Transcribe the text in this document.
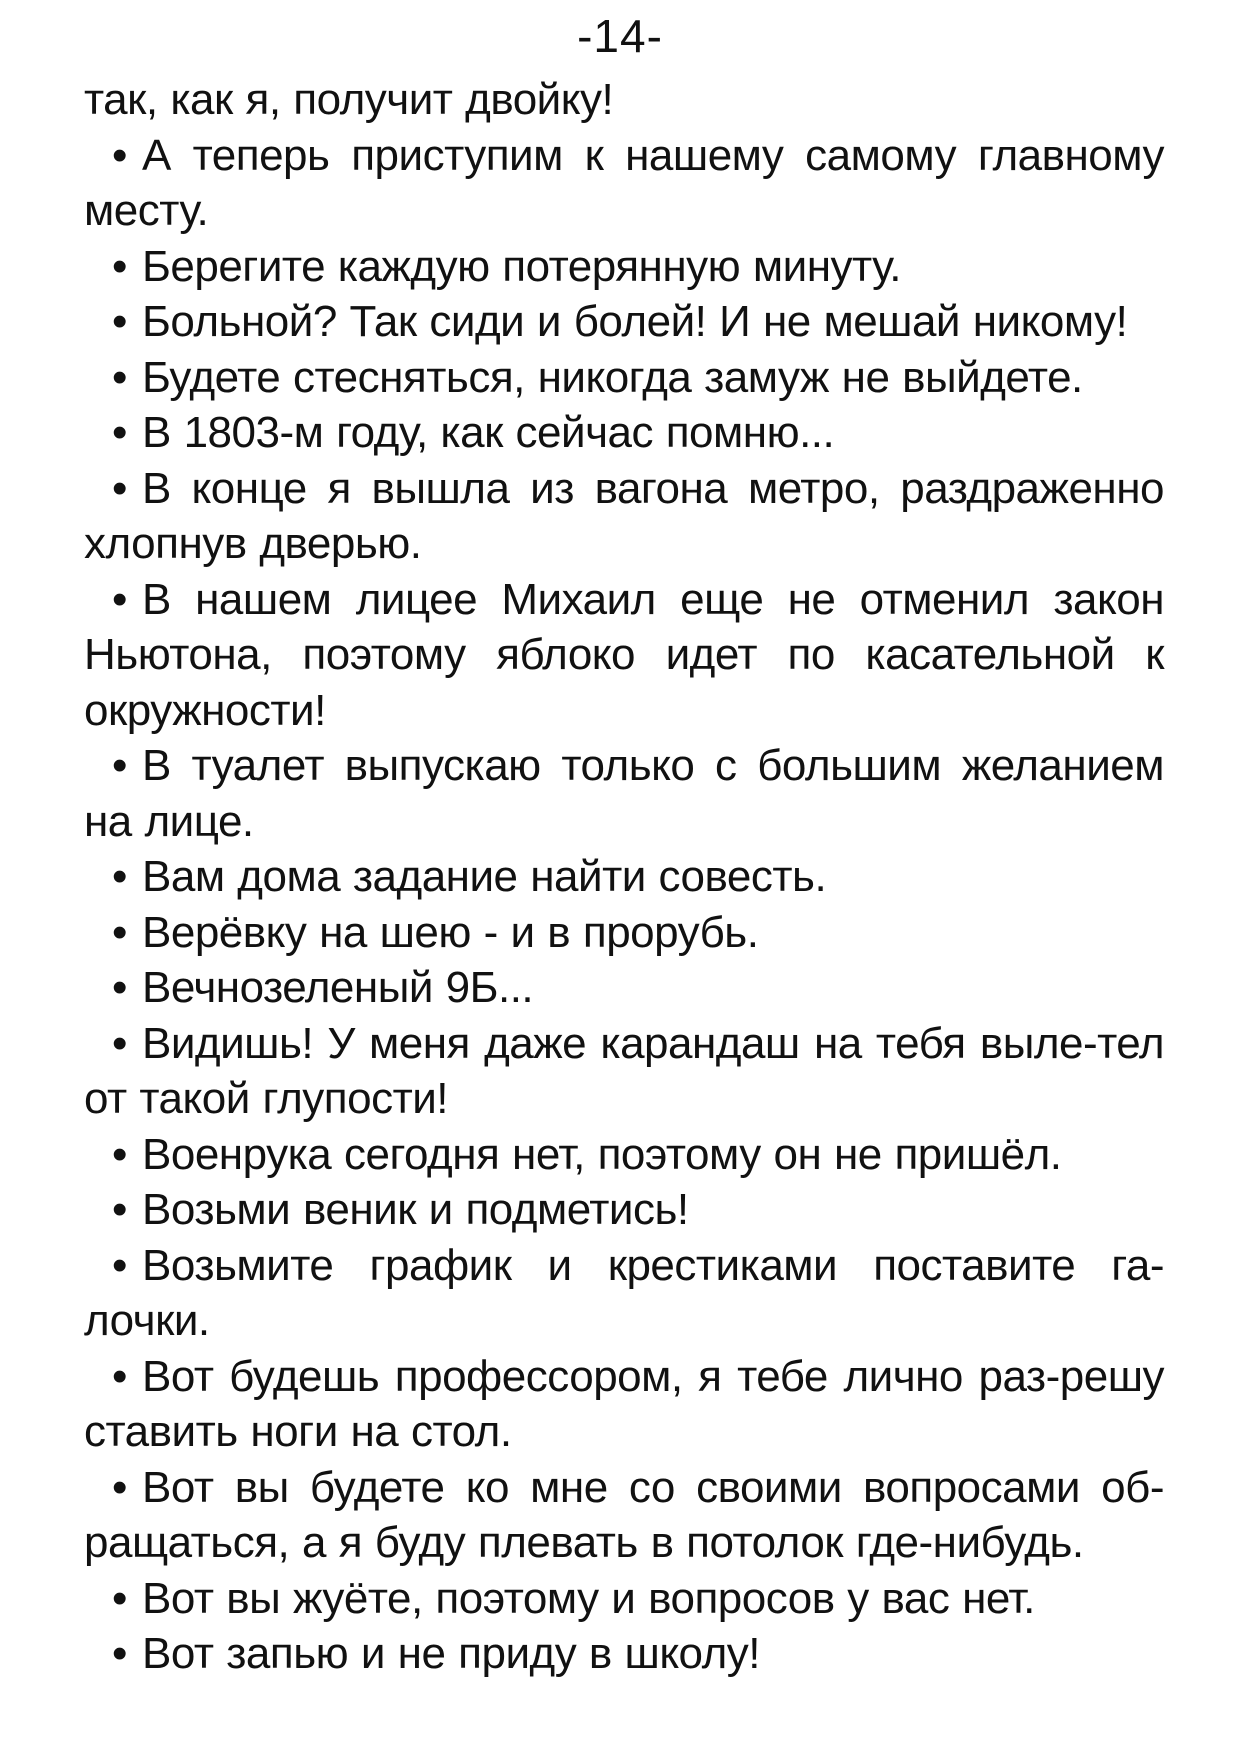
-14-

так, как я, получит двойку!

•А теперь приступим к нашему самому главному месту.

•Берегите каждую потерянную минуту.

•Больной? Так сиди и болей! И не мешай никому!

•Будете стесняться, никогда замуж не выйдете.

•В 1803-м году, как сейчас помню...

•В конце я вышла из вагона метро, раздраженно хлопнув дверью.

•В нашем лицее Михаил еще не отменил закон Ньютона, поэтому яблоко идет по касательной к окружности!

•В туалет выпускаю только с большим желанием на лице.

•Вам дома задание найти совесть.

•Верёвку на шею - и в прорубь.

•Вечнозеленый 9Б...

•Видишь! У меня даже карандаш на тебя выле-тел от такой глупости!

•Военрука сегодня нет, поэтому он не пришёл.

•Возьми веник и подметись!

•Возьмите график и крестиками поставите га-лочки.

•Вот будешь профессором, я тебе лично раз-решу ставить ноги на стол.

•Вот вы будете ко мне со своими вопросами об-ращаться, а я буду плевать в потолок где-нибудь.

•Вот вы жуёте, поэтому и вопросов у вас нет.

•Вот запью и не приду в школу!
